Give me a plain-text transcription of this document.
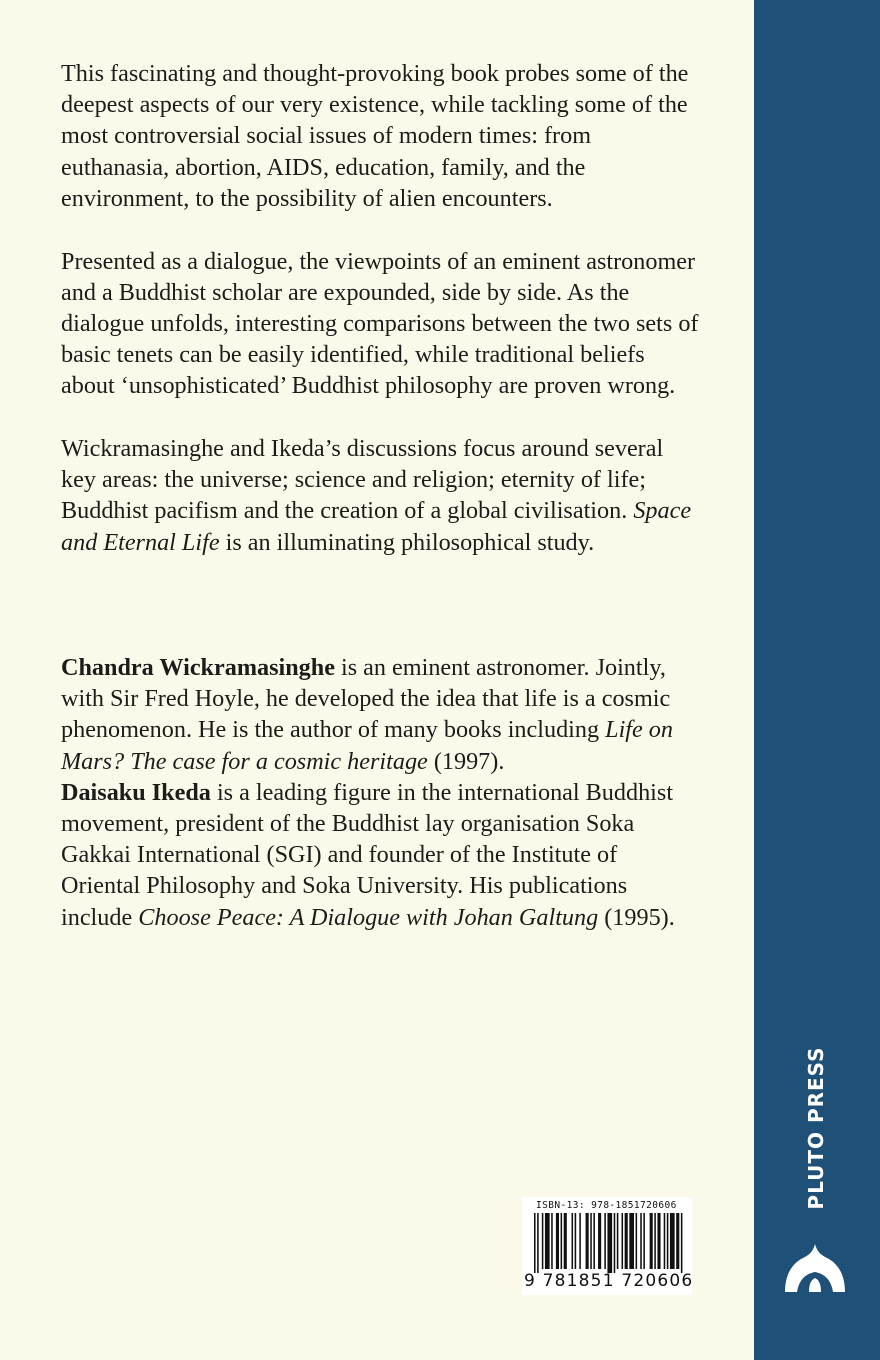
This fascinating and thought-provoking book probes some of the deepest aspects of our very existence, while tackling some of the most controversial social issues of modern times: from euthanasia, abortion, AIDS, education, family, and the environment, to the possibility of alien encounters.

Presented as a dialogue, the viewpoints of an eminent astronomer and a Buddhist scholar are expounded, side by side. As the dialogue unfolds, interesting comparisons between the two sets of basic tenets can be easily identified, while traditional beliefs about ‘unsophisticated’ Buddhist philosophy are proven wrong.

Wickramasinghe and Ikeda’s discussions focus around several key areas: the universe; science and religion; eternity of life; Buddhist pacifism and the creation of a global civilisation. Space and Eternal Life is an illuminating philosophical study.

Chandra Wickramasinghe is an eminent astronomer. Jointly, with Sir Fred Hoyle, he developed the idea that life is a cosmic phenomenon. He is the author of many books including Life on Mars? The case for a cosmic heritage (1997).

Daisaku Ikeda is a leading figure in the international Buddhist movement, president of the Buddhist lay organisation Soka Gakkai International (SGI) and founder of the Institute of Oriental Philosophy and Soka University. His publications include Choose Peace: A Dialogue with Johan Galtung (1995).

ISBN-13: 978-1851720606
9 781851 720606
PLUTO PRESS
